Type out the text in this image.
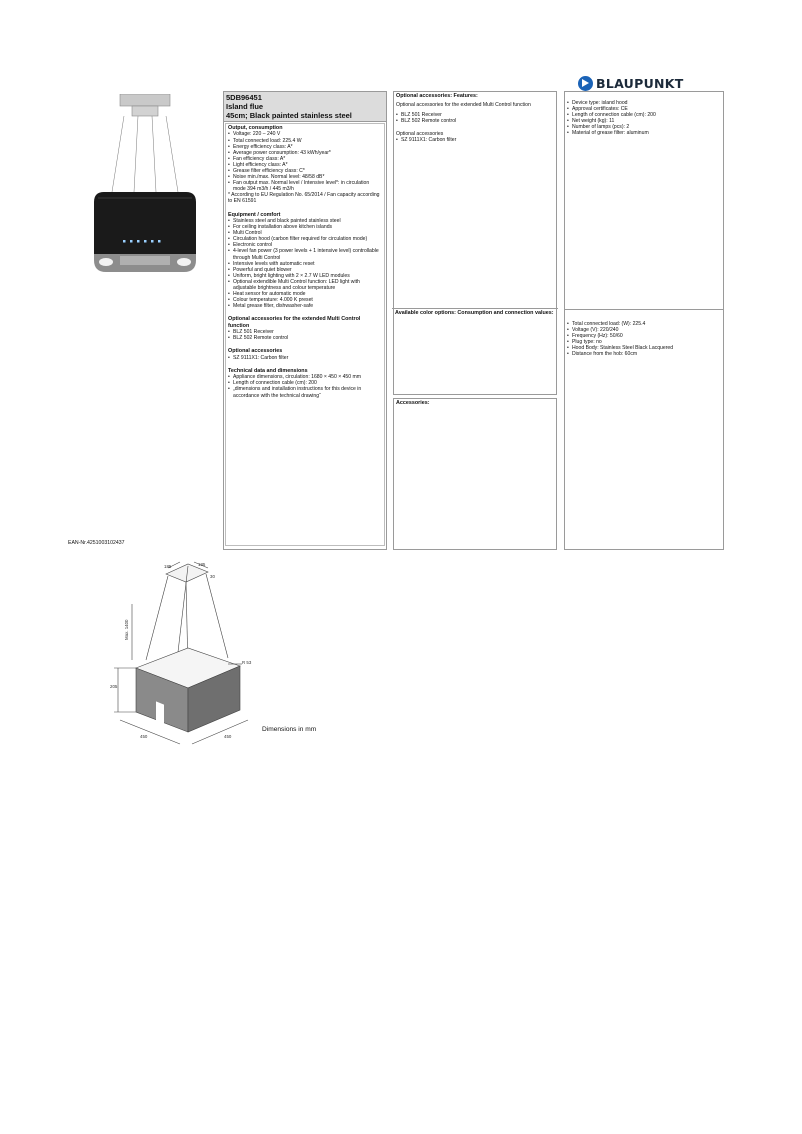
BLAUPUNKT
5DB96451
Island flue
45cm; Black painted stainless steel
Output, consumption
• Voltage: 220 – 240 V
• Total connected load: 225.4 W
• Energy efficiency class: A*
• Average power consumption: 43 kWh/year*
• Fan efficiency class: A*
• Light efficiency class: A*
• Grease filter efficiency class: C*
• Noise min./max. Normal level: 48/58 dB*
• Fan output max. Normal level / Intensive level*: in circulation mode 394 m3/h / 445 m3/h
* According to EU Regulation No. 65/2014 / Fan capacity according to EN 61591
Equipment / comfort
• Stainless steel and black painted stainless steel
• For ceiling installation above kitchen islands
• Multi Control
• Circulation hood (carbon filter required for circulation mode)
• Electronic control
• 4-level fan power (3 power levels + 1 intensive level) controllable through Multi Control
• Intensive levels with automatic reset
• Powerful and quiet blower
• Uniform, bright lighting with 2 × 2.7 W LED modules
• Optional extendible Multi Control function: LED light with adjustable brightness and colour temperature
• Heat sensor for automatic mode
• Colour temperature: 4.000 K preset
• Metal grease filter, dishwasher-safe
Optional accessories for the extended Multi Control function
• BLZ 501 Receiver
• BLZ 502 Remote control
Optional accessories
• SZ 9111X1: Carbon filter
Technical data and dimensions
• Appliance dimensions, circulation: 1680 × 450 × 450 mm
• Length of connection cable (cm): 200
• „dimensions and installation instructions for this device in accordance with the technical drawing“
Optional accessories: Features:
Optional accessories for the extended Multi Control function
• BLZ 501 Receiver
• BLZ 502 Remote control
Optional accessories
• SZ 9111X1: Carbon filter
Available color options: Consumption and connection values:
Accessories:
• Device type: island hood
• Approval certificates: CE
• Length of connection cable (cm): 200
• Net weight (kg): 11
• Number of lamps (pcs): 2
• Material of grease filter: aluminum
• Total connected load: (W): 225.4
• Voltage (V): 220/240
• Frequency (Hz): 50/60
• Plug type: no
• Hood Body: Stainless Steel Black Lacquered
• Distance from the hob: 60cm
EAN-Nr.4251003102437
185	185
30
Max. 1400
R 53
205
450	450
Dimensions in mm
